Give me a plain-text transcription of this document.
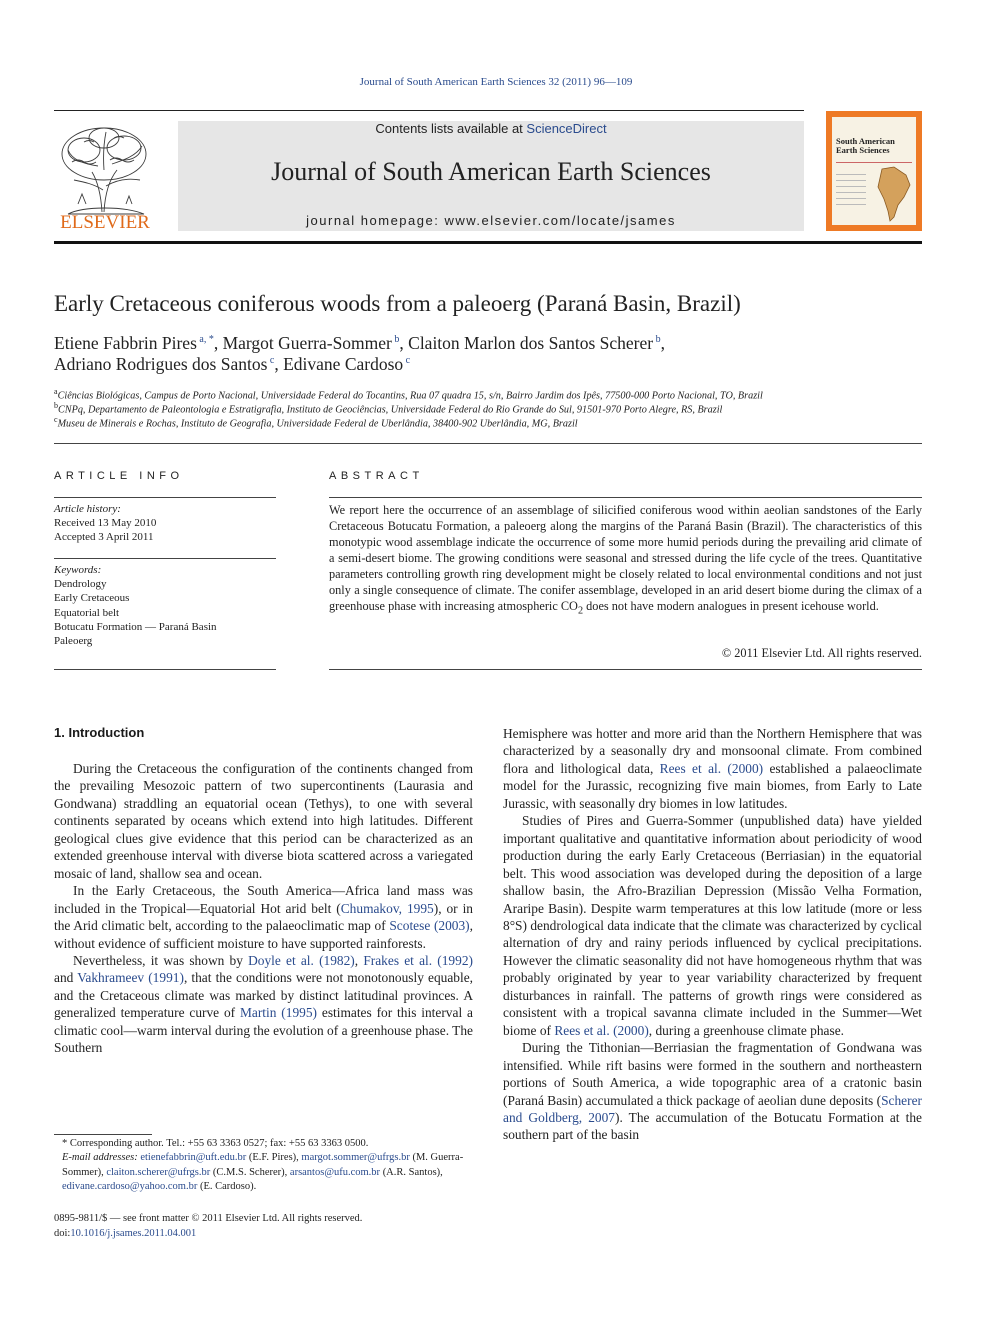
Journal of South American Earth Sciences 32 (2011) 96—109
ELSEVIER
Contents lists available at ScienceDirect
Journal of South American Earth Sciences
journal homepage: www.elsevier.com/locate/jsames
South American Earth Sciences
Early Cretaceous coniferous woods from a paleoerg (Paraná Basin, Brazil)
Etiene Fabbrin Pires $^{a, *}$, Margot Guerra-Sommer $^b$, Claiton Marlon dos Santos Scherer $^b$,
Adriano Rodrigues dos Santos $^c$, Edivane Cardoso $^c$
$^a$Ciências Biológicas, Campus de Porto Nacional, Universidade Federal do Tocantins, Rua 07 quadra 15, s/n, Bairro Jardim dos Ipês, 77500-000 Porto Nacional, TO, Brazil
$^b$CNPq, Departamento de Paleontologia e Estratigrafia, Instituto de Geociências, Universidade Federal do Rio Grande do Sul, 91501-970 Porto Alegre, RS, Brazil
$^c$Museu de Minerais e Rochas, Instituto de Geografia, Universidade Federal de Uberlândia, 38400-902 Uberlândia, MG, Brazil
ARTICLE INFO
Article history:
Received 13 May 2010
Accepted 3 April 2011
Keywords:
Dendrology
Early Cretaceous
Equatorial belt
Botucatu Formation — Paraná Basin
Paleoerg
ABSTRACT
We report here the occurrence of an assemblage of silicified coniferous wood within aeolian sandstones of the Early Cretaceous Botucatu Formation, a paleoerg along the margins of the Paraná Basin (Brazil). The characteristics of this monotypic wood assemblage indicate the occurrence of some more humid periods during the prevailing arid climate of a semi-desert biome. The growing conditions were seasonal and stressed during the life cycle of the trees. Quantitative parameters controlling growth ring development might be closely related to local environmental conditions and not just only a single consequence of climate. The conifer assemblage, developed in an arid desert biome during the climax of a greenhouse phase with increasing atmospheric $CO_2$ does not have modern analogues in present icehouse world.
© 2011 Elsevier Ltd. All rights reserved.
1. Introduction

During the Cretaceous the configuration of the continents changed from the prevailing Mesozoic pattern of two supercontinents (Laurasia and Gondwana) straddling an equatorial ocean (Tethys), to one with several continents separated by oceans which extend into high latitudes. Different geological clues give evidence that this period can be characterized as an extended greenhouse interval with diverse biota scattered across a variegated mosaic of land, shallow sea and ocean.

In the Early Cretaceous, the South America—Africa land mass was included in the Tropical—Equatorial Hot arid belt (Chumakov, 1995), or in the Arid climatic belt, according to the palaeoclimatic map of Scotese (2003), without evidence of sufficient moisture to have supported rainforests.

Nevertheless, it was shown by Doyle et al. (1982), Frakes et al. (1992) and Vakhrameev (1991), that the conditions were not monotonously equable, and the Cretaceous climate was marked by distinct latitudinal provinces. A generalized temperature curve of Martin (1995) estimates for this interval a climatic cool—warm interval during the evolution of a greenhouse phase. The Southern

Hemisphere was hotter and more arid than the Northern Hemisphere that was characterized by a seasonally dry and monsoonal climate. From combined flora and lithological data, Rees et al. (2000) established a palaeoclimate model for the Jurassic, recognizing five main biomes, from Early to Late Jurassic, with seasonally dry biomes in low latitudes.

Studies of Pires and Guerra-Sommer (unpublished data) have yielded important qualitative and quantitative information about periodicity of wood production during the early Early Cretaceous (Berriasian) in the equatorial belt. This wood association was developed during the deposition of a large shallow basin, the Afro-Brazilian Depression (Missão Velha Formation, Araripe Basin). Despite warm temperatures at this low latitude (more or less 8°S) dendrological data indicate that the climate was characterized by cyclical alternation of dry and rainy periods influenced by cyclical precipitations. However the climatic seasonality did not have homogeneous rhythm that was probably originated by year to year variability characterized by frequent disturbances in rainfall. The patterns of growth rings were considered as consistent with a tropical savanna climate included in the Summer—Wet biome of Rees et al. (2000), during a greenhouse climate phase.

During the Tithonian—Berriasian the fragmentation of Gondwana was intensified. While rift basins were formed in the southern and northeastern portions of South America, a wide topographic area of a cratonic basin (Paraná Basin) accumulated a thick package of aeolian dune deposits (Scherer and Goldberg, 2007). The accumulation of the Botucatu Formation at the southern part of the basin

* Corresponding author. Tel.: +55 63 3363 0527; fax: +55 63 3363 0500.
E-mail addresses: etienefabbrin@uft.edu.br (E.F. Pires), margot.sommer@ufrgs.br (M. Guerra-Sommer), claiton.scherer@ufrgs.br (C.M.S. Scherer), arsantos@ufu.com.br (A.R. Santos), edivane.cardoso@yahoo.com.br (E. Cardoso).
0895-9811/$ — see front matter © 2011 Elsevier Ltd. All rights reserved.
doi:10.1016/j.jsames.2011.04.001
